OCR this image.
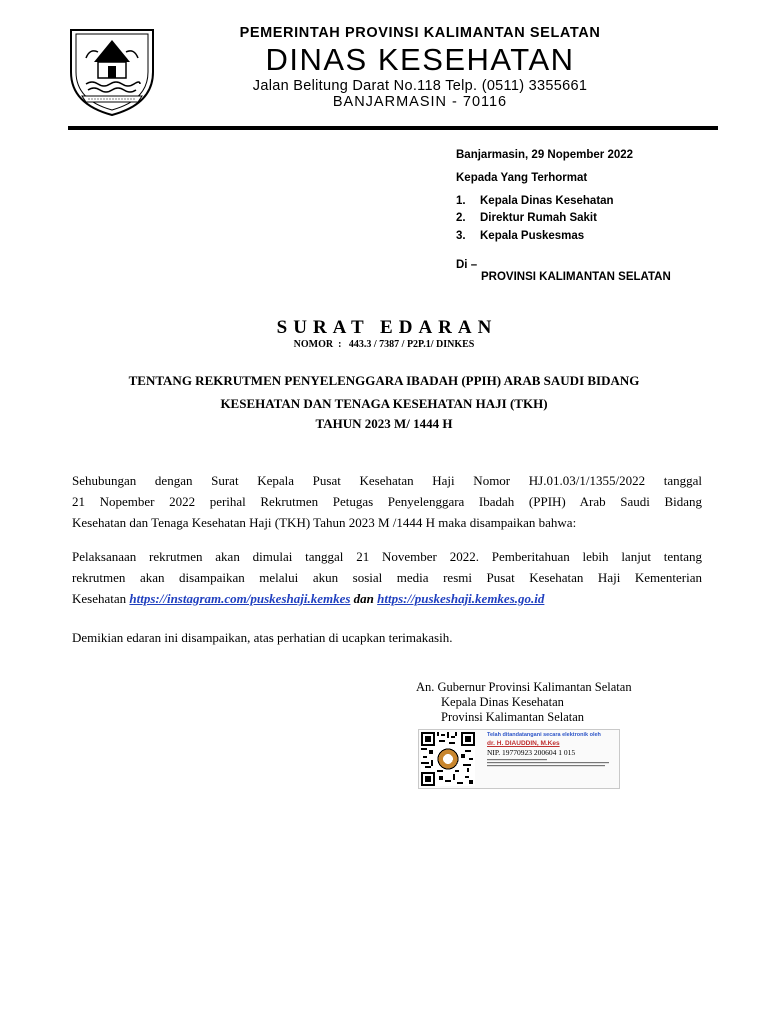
PEMERINTAH PROVINSI KALIMANTAN SELATAN
DINAS KESEHATAN
Jalan Belitung Darat No.118 Telp. (0511) 3355661
BANJARMASIN - 70116
Banjarmasin, 29 Nopember 2022
Kepada Yang Terhormat
1. Kepala Dinas Kesehatan
2. Direktur Rumah Sakit
3. Kepala Puskesmas
Di –
PROVINSI KALIMANTAN SELATAN
SURAT EDARAN
NOMOR  :   443.3 / 7387 / P2P.1/ DINKES
TENTANG REKRUTMEN PENYELENGGARA IBADAH (PPIH) ARAB SAUDI BIDANG
KESEHATAN DAN TENAGA KESEHATAN HAJI (TKH)
TAHUN 2023 M/ 1444 H
Sehubungan dengan Surat Kepala Pusat Kesehatan Haji Nomor HJ.01.03/1/1355/2022 tanggal
21 Nopember 2022 perihal Rekrutmen Petugas Penyelenggara Ibadah (PPIH) Arab Saudi Bidang
Kesehatan dan Tenaga Kesehatan Haji (TKH) Tahun 2023 M /1444 H maka disampaikan bahwa:
Pelaksanaan rekrutmen akan dimulai tanggal 21 November 2022. Pemberitahuan lebih lanjut tentang
rekrutmen akan disampaikan melalui akun sosial media resmi Pusat Kesehatan Haji Kementerian
Kesehatan https://instagram.com/puskeshaji.kemkes dan https://puskeshaji.kemkes.go.id
Demikian edaran ini disampaikan, atas perhatian di ucapkan terimakasih.
An. Gubernur Provinsi Kalimantan Selatan
Kepala Dinas Kesehatan
Provinsi Kalimantan Selatan
Telah ditandatangani secara elektronik oleh
dr. H. DIAUDDIN, M.Kes
NIP. 19770923 200604 1 015
